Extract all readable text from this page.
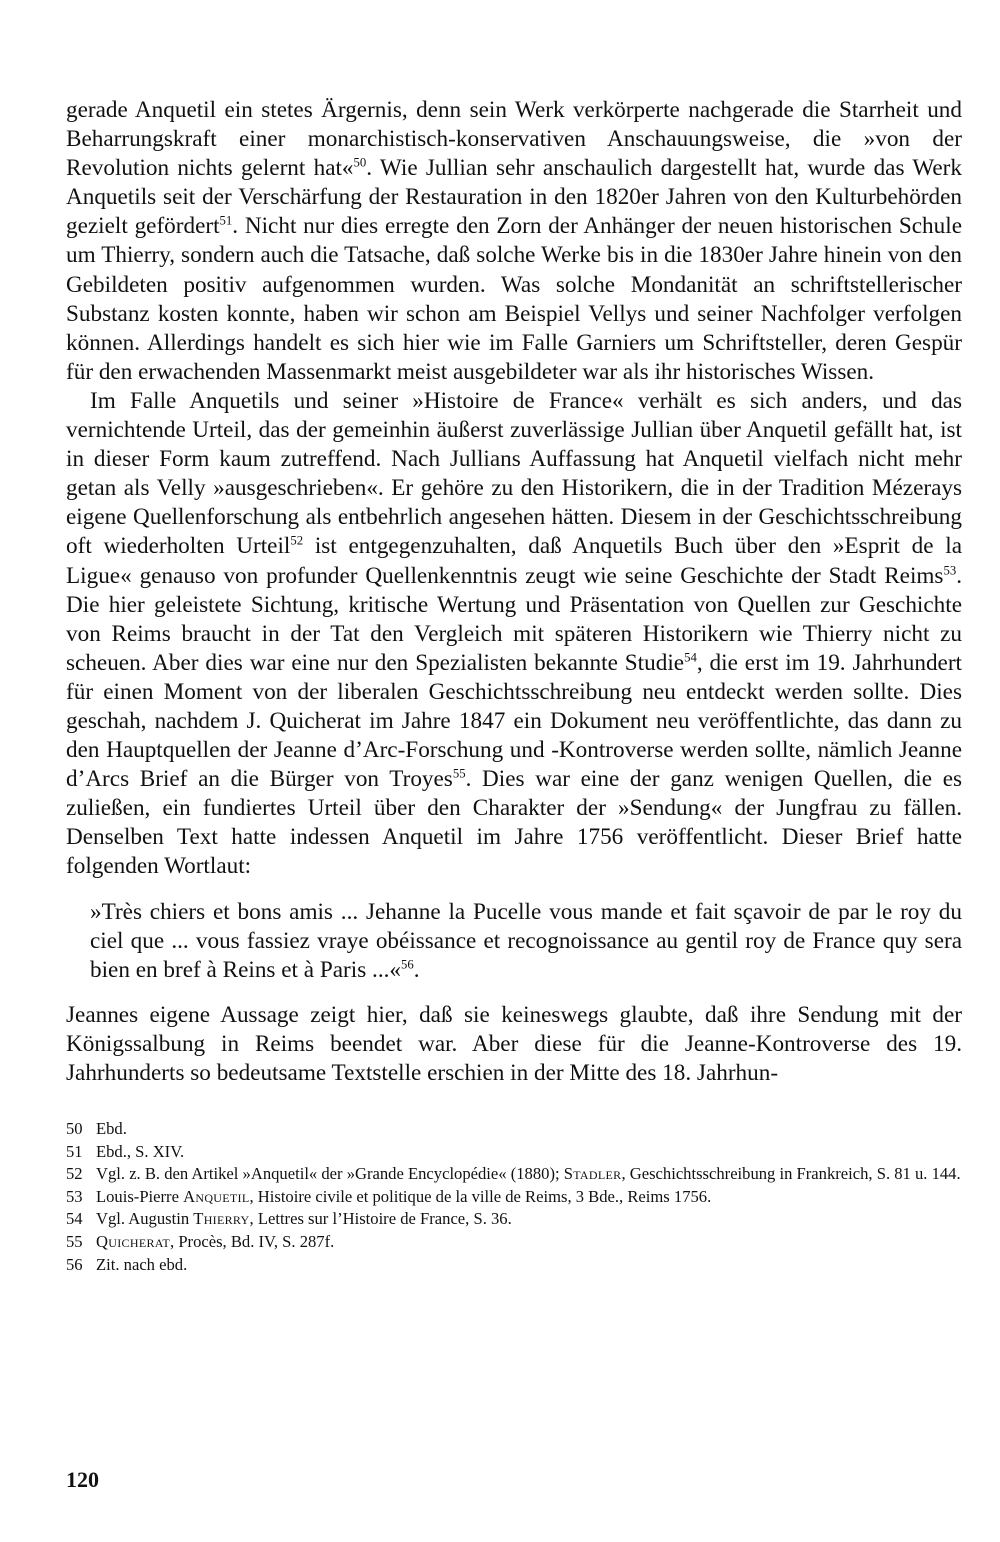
gerade Anquetil ein stetes Ärgernis, denn sein Werk verkörperte nachgerade die Starrheit und Beharrungskraft einer monarchistisch-konservativen Anschauungsweise, die »von der Revolution nichts gelernt hat«$^{50}$. Wie Jullian sehr anschaulich dargestellt hat, wurde das Werk Anquetils seit der Verschärfung der Restauration in den 1820er Jahren von den Kulturbehörden gezielt gefördert$^{51}$. Nicht nur dies erregte den Zorn der Anhänger der neuen historischen Schule um Thierry, sondern auch die Tatsache, daß solche Werke bis in die 1830er Jahre hinein von den Gebildeten positiv aufgenommen wurden. Was solche Mondanität an schriftstellerischer Substanz kosten konnte, haben wir schon am Beispiel Vellys und seiner Nachfolger verfolgen können. Allerdings handelt es sich hier wie im Falle Garniers um Schriftsteller, deren Gespür für den erwachenden Massenmarkt meist ausgebildeter war als ihr historisches Wissen.

Im Falle Anquetils und seiner »Histoire de France« verhält es sich anders, und das vernichtende Urteil, das der gemeinhin äußerst zuverlässige Jullian über Anquetil gefällt hat, ist in dieser Form kaum zutreffend. Nach Jullians Auffassung hat Anquetil vielfach nicht mehr getan als Velly »ausgeschrieben«. Er gehöre zu den Historikern, die in der Tradition Mézerays eigene Quellenforschung als entbehrlich angesehen hätten. Diesem in der Geschichtsschreibung oft wiederholten Urteil$^{52}$ ist entgegenzuhalten, daß Anquetils Buch über den »Esprit de la Ligue« genauso von profunder Quellenkenntnis zeugt wie seine Geschichte der Stadt Reims$^{53}$. Die hier geleistete Sichtung, kritische Wertung und Präsentation von Quellen zur Geschichte von Reims braucht in der Tat den Vergleich mit späteren Historikern wie Thierry nicht zu scheuen. Aber dies war eine nur den Spezialisten bekannte Studie$^{54}$, die erst im 19. Jahrhundert für einen Moment von der liberalen Geschichtsschreibung neu entdeckt werden sollte. Dies geschah, nachdem J. Quicherat im Jahre 1847 ein Dokument neu veröffentlichte, das dann zu den Hauptquellen der Jeanne d’Arc-Forschung und -Kontroverse werden sollte, nämlich Jeanne d’Arcs Brief an die Bürger von Troyes$^{55}$. Dies war eine der ganz wenigen Quellen, die es zuließen, ein fundiertes Urteil über den Charakter der »Sendung« der Jungfrau zu fällen. Denselben Text hatte indessen Anquetil im Jahre 1756 veröffentlicht. Dieser Brief hatte folgenden Wortlaut:

»Très chiers et bons amis ... Jehanne la Pucelle vous mande et fait sçavoir de par le roy du ciel que ... vous fassiez vraye obéissance et recognoissance au gentil roy de France quy sera bien en bref à Reins et à Paris ...«$^{56}$.

Jeannes eigene Aussage zeigt hier, daß sie keineswegs glaubte, daß ihre Sendung mit der Königssalbung in Reims beendet war. Aber diese für die Jeanne-Kontroverse des 19. Jahrhunderts so bedeutsame Textstelle erschien in der Mitte des 18. Jahrhun-

50 Ebd.
51 Ebd., S. XIV.
52 Vgl. z. B. den Artikel »Anquetil« der »Grande Encyclopédie« (1880); Stadler, Geschichtsschreibung in Frankreich, S. 81 u. 144.
53 Louis-Pierre Anquetil, Histoire civile et politique de la ville de Reims, 3 Bde., Reims 1756.
54 Vgl. Augustin Thierry, Lettres sur l’Histoire de France, S. 36.
55 Quicherat, Procès, Bd. IV, S. 287f.
56 Zit. nach ebd.
120
